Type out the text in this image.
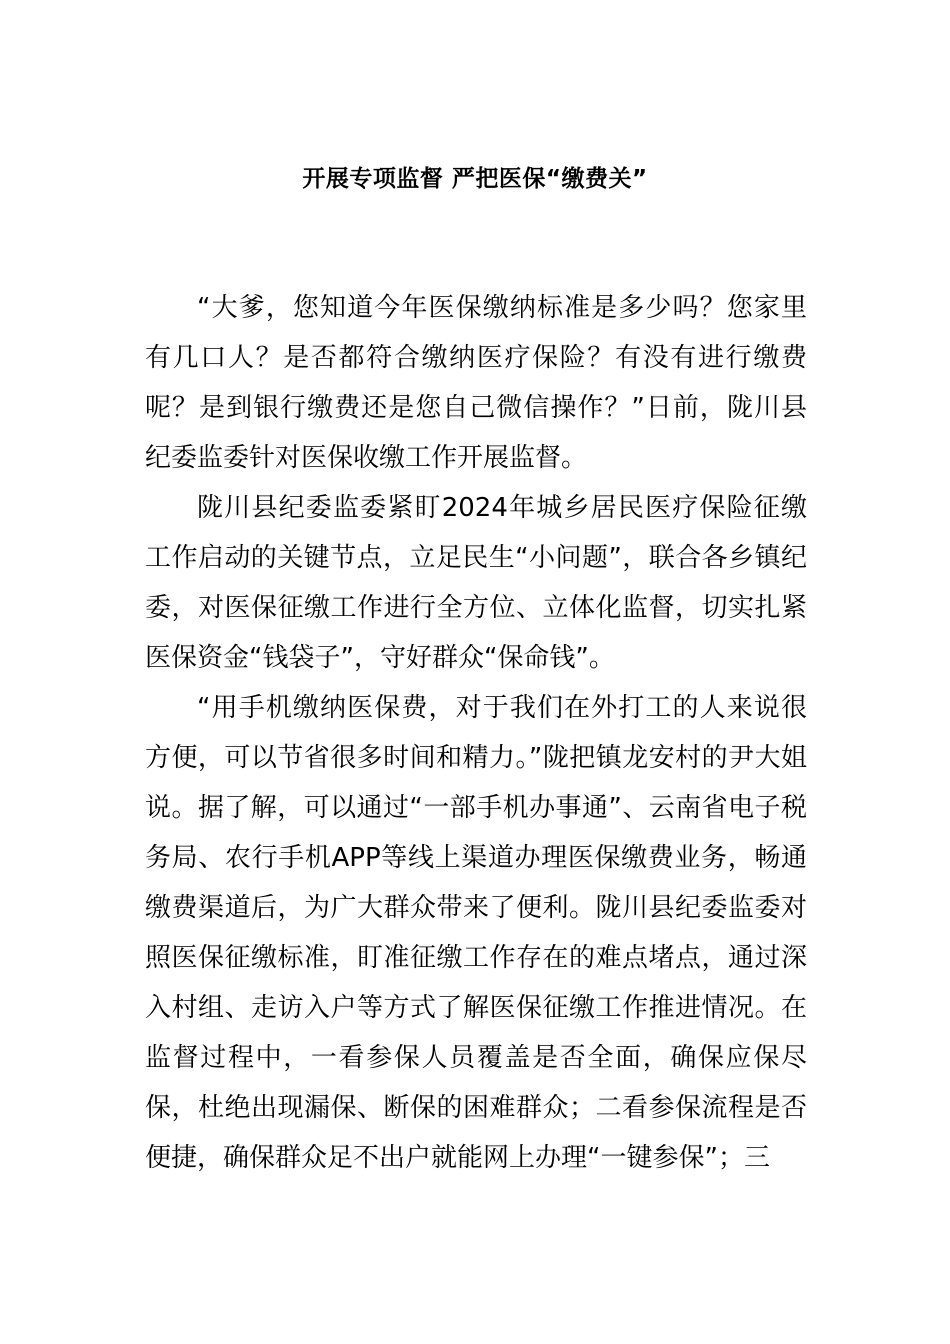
开展专项监督 严把医保“缴费关”

“大爹，您知道今年医保缴纳标准是多少吗？您家里有几口人？是否都符合缴纳医疗保险？有没有进行缴费呢？是到银行缴费还是您自己微信操作？”日前，陇川县纪委监委针对医保收缴工作开展监督。

陇川县纪委监委紧盯2024年城乡居民医疗保险征缴工作启动的关键节点，立足民生“小问题”，联合各乡镇纪委，对医保征缴工作进行全方位、立体化监督，切实扎紧医保资金“钱袋子”，守好群众“保命钱”。

“用手机缴纳医保费，对于我们在外打工的人来说很方便，可以节省很多时间和精力。”陇把镇龙安村的尹大姐说。据了解，可以通过“一部手机办事通”、云南省电子税务局、农行手机APP等线上渠道办理医保缴费业务，畅通缴费渠道后，为广大群众带来了便利。陇川县纪委监委对照医保征缴标准，盯准征缴工作存在的难点堵点，通过深入村组、走访入户等方式了解医保征缴工作推进情况。在监督过程中，一看参保人员覆盖是否全面，确保应保尽保，杜绝出现漏保、断保的困难群众；二看参保流程是否便捷，确保群众足不出户就能网上办理“一键参保”；三
